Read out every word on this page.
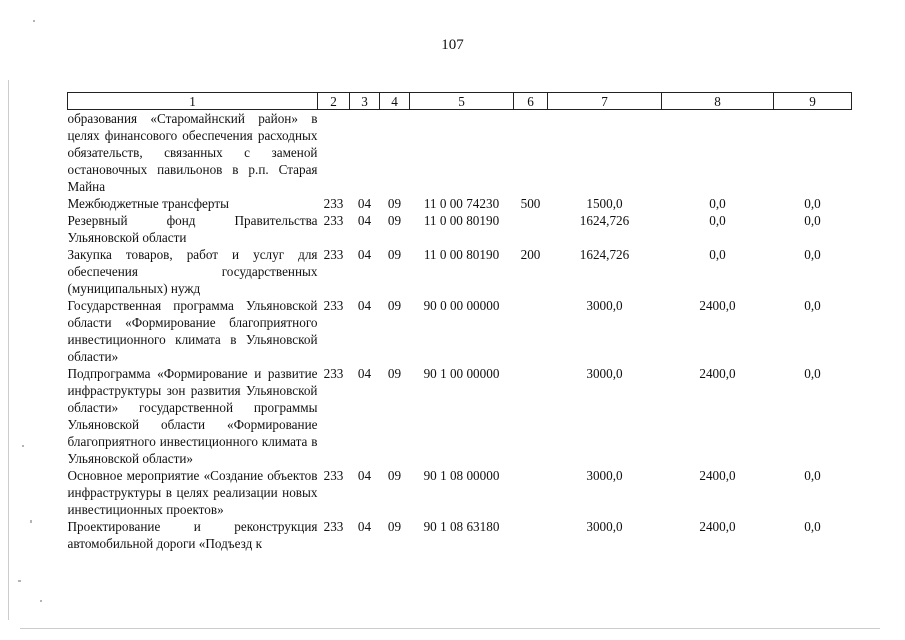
107
1	2	3	4	5	6	7	8	9
образования «Старомайнский район» в целях финансового обеспечения расходных обязательств, связанных с заменой остановочных павильонов в р.п. Старая Майна								
Межбюджетные трансферты	233	04	09	11 0 00 74230	500	1500,0	0,0	0,0
Резервный фонд Правительства Ульяновской области	233	04	09	11 0 00 80190		1624,726	0,0	0,0
Закупка товаров, работ и услуг для обеспечения государственных (муниципальных) нужд	233	04	09	11 0 00 80190	200	1624,726	0,0	0,0
Государственная программа Ульяновской области «Формирование благоприятного инвестиционного климата в Ульяновской области»	233	04	09	90 0 00 00000		3000,0	2400,0	0,0
Подпрограмма «Формирование и развитие инфраструктуры зон развития Ульяновской области» государственной программы Ульяновской области «Формирование благоприятного инвестиционного климата в Ульяновской области»	233	04	09	90 1 00 00000		3000,0	2400,0	0,0
Основное мероприятие «Создание объектов инфраструктуры в целях реализации новых инвестиционных проектов»	233	04	09	90 1 08 00000		3000,0	2400,0	0,0
Проектирование и реконструкция автомобильной дороги «Подъезд к	233	04	09	90 1 08 63180		3000,0	2400,0	0,0
